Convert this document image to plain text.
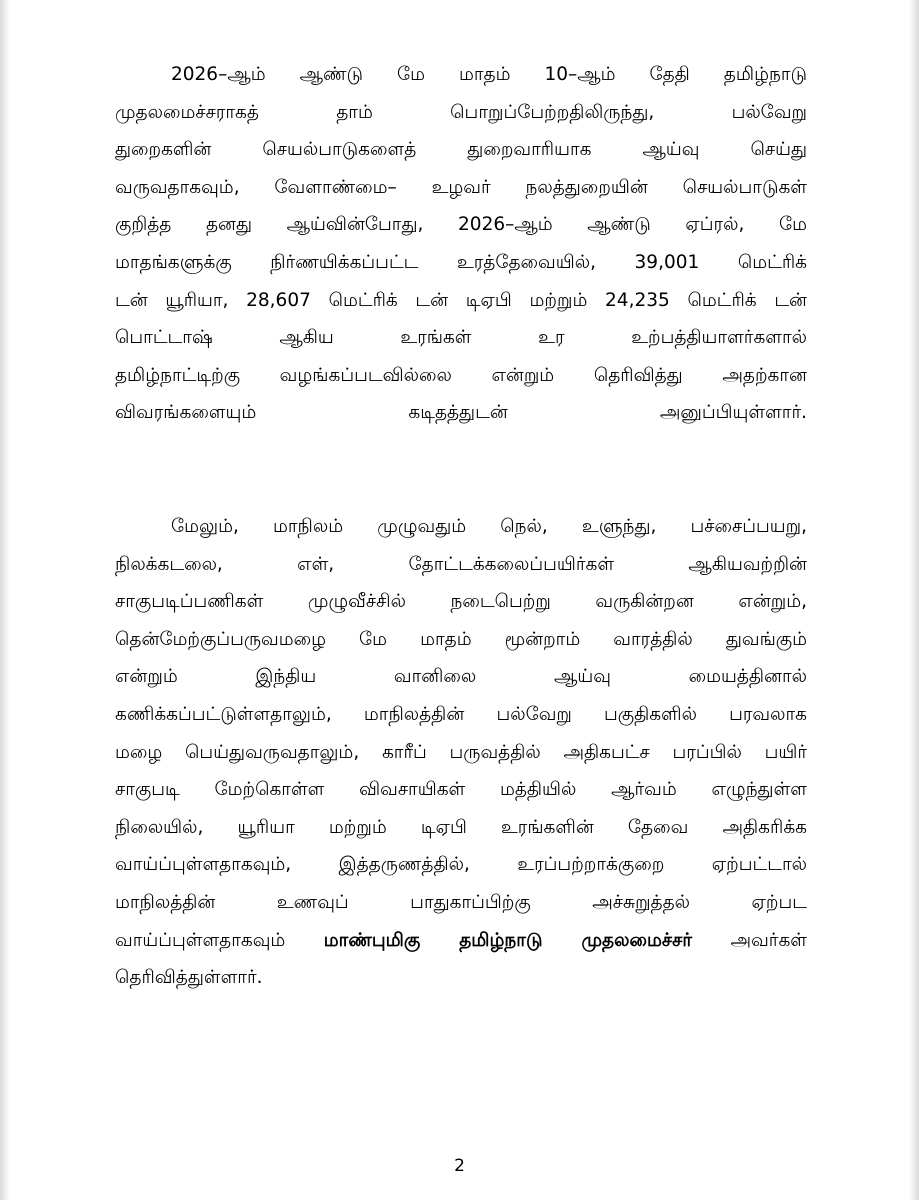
2026–ஆம் ஆண்டு மே மாதம் 10–ஆம் தேதி தமிழ்நாடு
முதலமைச்சராகத் தாம் பொறுப்பேற்றதிலிருந்து, பல்வேறு
துறைகளின் செயல்பாடுகளைத் துறைவாரியாக ஆய்வு செய்து
வருவதாகவும், வேளாண்மை– உழவர் நலத்துறையின் செயல்பாடுகள்
குறித்த தனது ஆய்வின்போது, 2026–ஆம் ஆண்டு ஏப்ரல், மே
மாதங்களுக்கு நிர்ணயிக்கப்பட்ட உரத்தேவையில், 39,001 மெட்ரிக்
டன் யூரியா, 28,607 மெட்ரிக் டன் டிஏபி மற்றும் 24,235 மெட்ரிக் டன்
பொட்டாஷ் ஆகிய உரங்கள் உர உற்பத்தியாளர்களால்
தமிழ்நாட்டிற்கு வழங்கப்படவில்லை என்றும் தெரிவித்து அதற்கான
விவரங்களையும் கடிதத்துடன் அனுப்பியுள்ளார்.
மேலும், மாநிலம் முழுவதும் நெல், உளுந்து, பச்சைப்பயறு,
நிலக்கடலை, எள், தோட்டக்கலைப்பயிர்கள் ஆகியவற்றின்
சாகுபடிப்பணிகள் முழுவீச்சில் நடைபெற்று வருகின்றன என்றும்,
தென்மேற்குப்பருவமழை மே மாதம் மூன்றாம் வாரத்தில் துவங்கும்
என்றும் இந்திய வானிலை ஆய்வு மையத்தினால்
கணிக்கப்பட்டுள்ளதாலும், மாநிலத்தின் பல்வேறு பகுதிகளில் பரவலாக
மழை பெய்துவருவதாலும், காரீப் பருவத்தில் அதிகபட்ச பரப்பில் பயிர்
சாகுபடி மேற்கொள்ள விவசாயிகள் மத்தியில் ஆர்வம் எழுந்துள்ள
நிலையில், யூரியா மற்றும் டிஏபி உரங்களின் தேவை அதிகரிக்க
வாய்ப்புள்ளதாகவும், இத்தருணத்தில், உரப்பற்றாக்குறை ஏற்பட்டால்
மாநிலத்தின் உணவுப் பாதுகாப்பிற்கு அச்சுறுத்தல் ஏற்பட
வாய்ப்புள்ளதாகவும் மாண்புமிகு தமிழ்நாடு முதலமைச்சர் அவர்கள்
தெரிவித்துள்ளார்.
2
